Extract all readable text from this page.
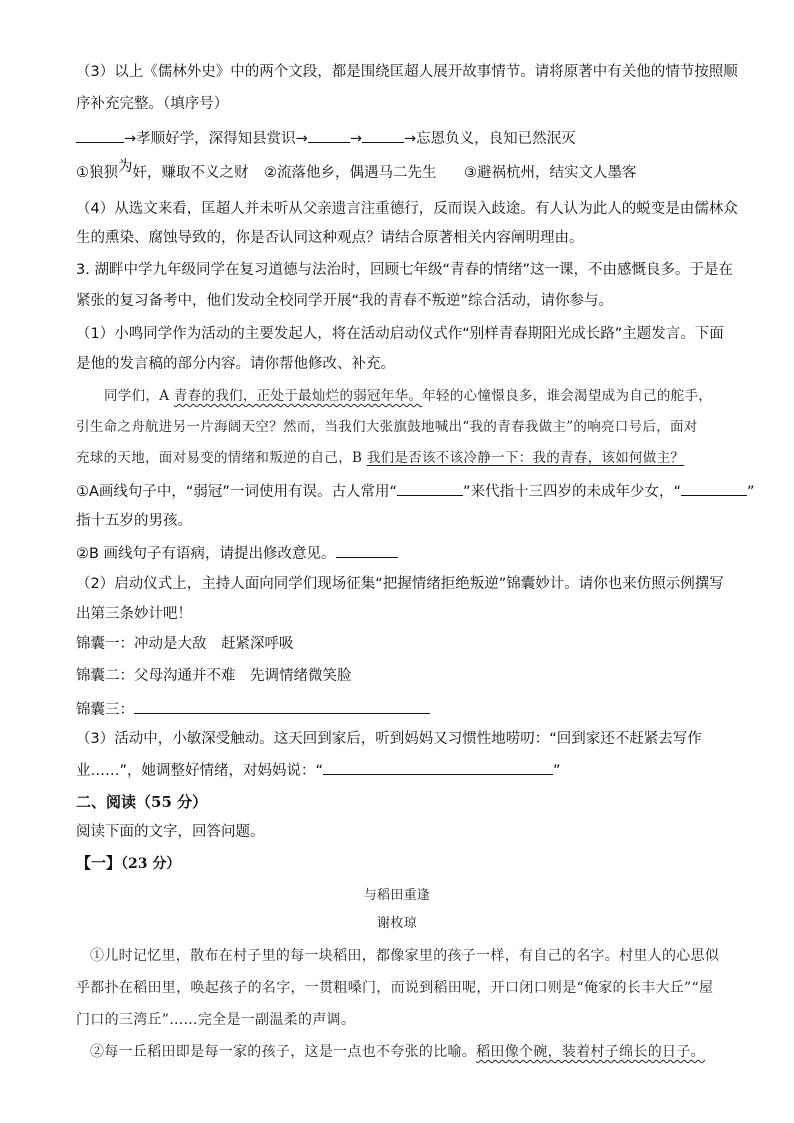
（3）以上《儒林外史》中的两个文段，都是围绕匡超人展开故事情节。请将原著中有关他的情节按照顺
序补充完整。（填序号）
→孝顺好学，深得知县赏识→	→	→忘恩负义，良知已然泯灭
①狼狈为奸，赚取不义之财 ②流落他乡，偶遇马二先生 ③避祸杭州，结实文人墨客
（4）从选文来看，匡超人并未听从父亲遗言注重德行，反而误入歧途。有人认为此人的蜕变是由儒林众
生的熏染、腐蚀导致的，你是否认同这种观点？请结合原著相关内容阐明理由。
3. 湖畔中学九年级同学在复习道德与法治时，回顾七年级“青春的情绪”这一课，不由感慨良多。于是在
紧张的复习备考中，他们发动全校同学开展“我的青春不叛逆”综合活动，请你参与。
（1）小鸣同学作为活动的主要发起人，将在活动启动仪式作“别样青春期阳光成长路”主题发言。下面
是他的发言稿的部分内容。请你帮他修改、补充。
同学们，A 青春的我们，正处于最灿烂的弱冠年华。年轻的心憧憬良多，谁会渴望成为自己的舵手，
引生命之舟航进另一片海阔天空？然而，当我们大张旗鼓地喊出“我的青春我做主”的响亮口号后，面对
充球的天地，面对易变的情绪和叛逆的自己，B 我们是否该不该冷静一下：我的青春，该如何做主？
①A画线句子中，“弱冠”一词使用有误。古人常用“	”来代指十三四岁的未成年少女，“	”
指十五岁的男孩。
②B 画线句子有语病，请提出修改意见。
（2）启动仪式上，主持人面向同学们现场征集“把握情绪拒绝叛逆”锦囊妙计。请你也来仿照示例撰写
出第三条妙计吧！
锦囊一：冲动是大敌　赶紧深呼吸
锦囊二：父母沟通并不难　先调情绪微笑脸
锦囊三：
（3）活动中，小敏深受触动。这天回到家后，听到妈妈又习惯性地唠叨：“回到家还不赶紧去写作
业……”，她调整好情绪，对妈妈说：“	”
二、阅读（55 分）
阅读下面的文字，回答问题。
【一】（23 分）
与稻田重逢
谢枚琼
①儿时记忆里，散布在村子里的每一块稻田，都像家里的孩子一样，有自己的名字。村里人的心思似
乎都扑在稻田里，唤起孩子的名字，一贯粗嗓门，而说到稻田呢，开口闭口则是“俺家的长丰大丘”“屋
门口的三湾丘”……完全是一副温柔的声调。
②每一丘稻田即是每一家的孩子，这是一点也不夸张的比喻。稻田像个碗，装着村子绵长的日子。
